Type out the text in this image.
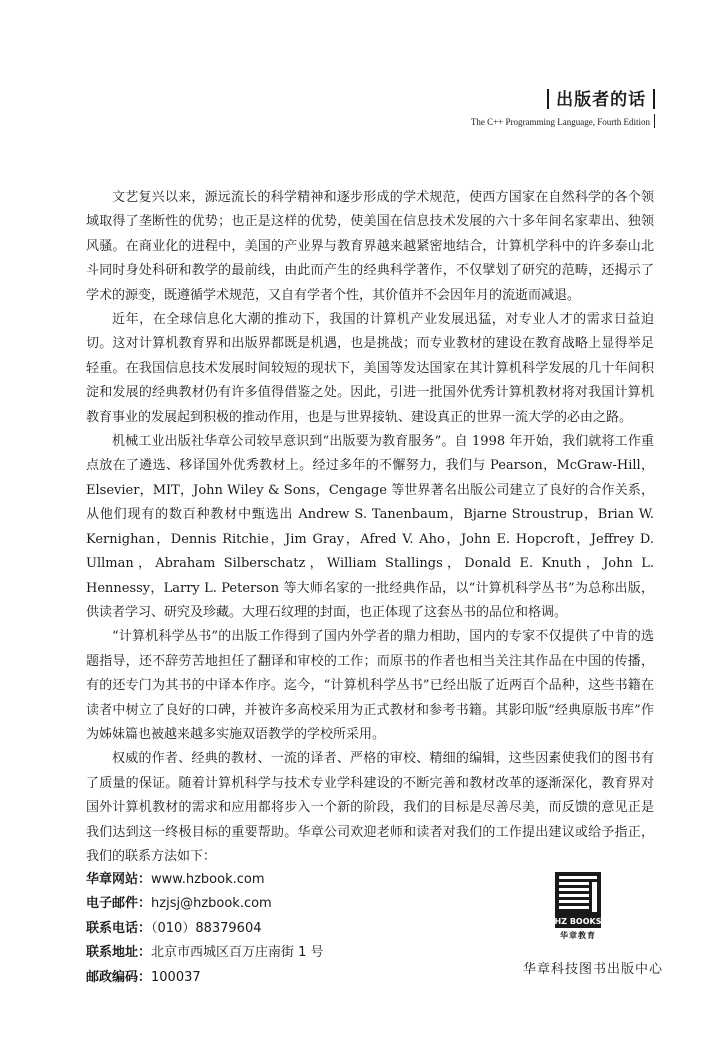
出版者的话
The C++ Programming Language, Fourth Edition

文艺复兴以来，源远流长的科学精神和逐步形成的学术规范，使西方国家在自然科学的各个领域取得了垄断性的优势；也正是这样的优势，使美国在信息技术发展的六十多年间名家辈出、独领风骚。在商业化的进程中，美国的产业界与教育界越来越紧密地结合，计算机学科中的许多泰山北斗同时身处科研和教学的最前线，由此而产生的经典科学著作，不仅擘划了研究的范畴，还揭示了学术的源变，既遵循学术规范，又自有学者个性，其价值并不会因年月的流逝而减退。

近年，在全球信息化大潮的推动下，我国的计算机产业发展迅猛，对专业人才的需求日益迫切。这对计算机教育界和出版界都既是机遇，也是挑战；而专业教材的建设在教育战略上显得举足轻重。在我国信息技术发展时间较短的现状下，美国等发达国家在其计算机科学发展的几十年间积淀和发展的经典教材仍有许多值得借鉴之处。因此，引进一批国外优秀计算机教材将对我国计算机教育事业的发展起到积极的推动作用，也是与世界接轨、建设真正的世界一流大学的必由之路。

机械工业出版社华章公司较早意识到“出版要为教育服务”。自 1998 年开始，我们就将工作重点放在了遴选、移译国外优秀教材上。经过多年的不懈努力，我们与 Pearson，McGraw-Hill，Elsevier，MIT，John Wiley & Sons，Cengage 等世界著名出版公司建立了良好的合作关系，从他们现有的数百种教材中甄选出 Andrew S. Tanenbaum，Bjarne Stroustrup，Brian W. Kernighan，Dennis Ritchie，Jim Gray，Afred V. Aho，John E. Hopcroft，Jeffrey D. Ullman，Abraham Silberschatz，William Stallings，Donald E. Knuth，John L. Hennessy，Larry L. Peterson 等大师名家的一批经典作品，以“计算机科学丛书”为总称出版，供读者学习、研究及珍藏。大理石纹理的封面，也正体现了这套丛书的品位和格调。

“计算机科学丛书”的出版工作得到了国内外学者的鼎力相助，国内的专家不仅提供了中肯的选题指导，还不辞劳苦地担任了翻译和审校的工作；而原书的作者也相当关注其作品在中国的传播，有的还专门为其书的中译本作序。迄今，“计算机科学丛书”已经出版了近两百个品种，这些书籍在读者中树立了良好的口碑，并被许多高校采用为正式教材和参考书籍。其影印版“经典原版书库”作为姊妹篇也被越来越多实施双语教学的学校所采用。

权威的作者、经典的教材、一流的译者、严格的审校、精细的编辑，这些因素使我们的图书有了质量的保证。随着计算机科学与技术专业学科建设的不断完善和教材改革的逐渐深化，教育界对国外计算机教材的需求和应用都将步入一个新的阶段，我们的目标是尽善尽美，而反馈的意见正是我们达到这一终极目标的重要帮助。华章公司欢迎老师和读者对我们的工作提出建议或给予指正，我们的联系方法如下：

华章网站：www.hzbook.com
电子邮件：hzjsj@hzbook.com
联系电话：（010）88379604
联系地址：北京市西城区百万庄南街 1 号
邮政编码：100037
HZ BOOKS
华章教育
华章科技图书出版中心
